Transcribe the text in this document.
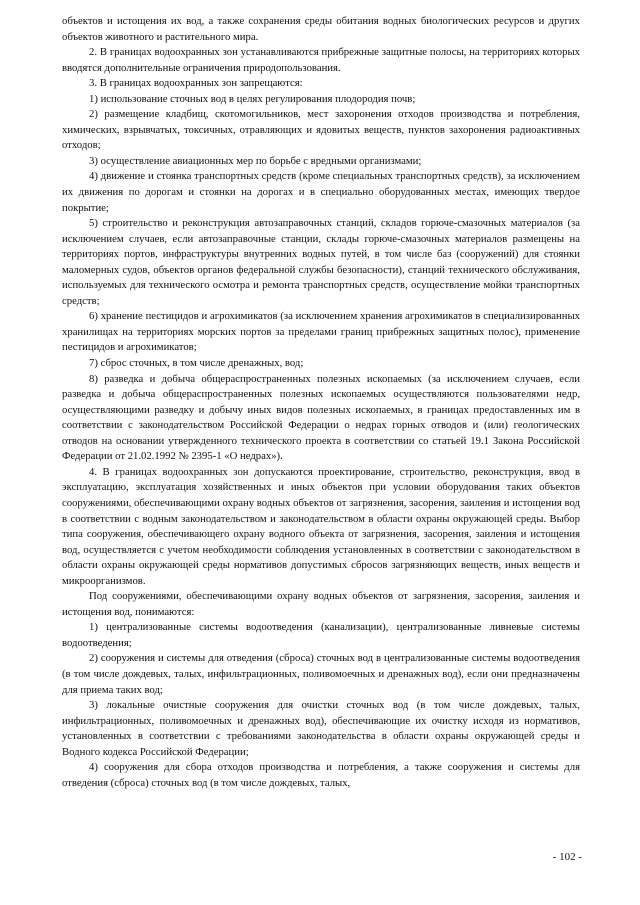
объектов и истощения их вод, а также сохранения среды обитания водных биологических ресурсов и других объектов животного и растительного мира.

2. В границах водоохранных зон устанавливаются прибрежные защитные полосы, на территориях которых вводятся дополнительные ограничения природопользования.

3. В границах водоохранных зон запрещаются:

1) использование сточных вод в целях регулирования плодородия почв;

2) размещение кладбищ, скотомогильников, мест захоронения отходов производства и потребления, химических, взрывчатых, токсичных, отравляющих и ядовитых веществ, пунктов захоронения радиоактивных отходов;

3) осуществление авиационных мер по борьбе с вредными организмами;

4) движение и стоянка транспортных средств (кроме специальных транспортных средств), за исключением их движения по дорогам и стоянки на дорогах и в специально оборудованных местах, имеющих твердое покрытие;

5) строительство и реконструкция автозаправочных станций, складов горюче-смазочных материалов (за исключением случаев, если автозаправочные станции, склады горюче-смазочных материалов размещены на территориях портов, инфраструктуры внутренних водных путей, в том числе баз (сооружений) для стоянки маломерных судов, объектов органов федеральной службы безопасности), станций технического обслуживания, используемых для технического осмотра и ремонта транспортных средств, осуществление мойки транспортных средств;

6) хранение пестицидов и агрохимикатов (за исключением хранения агрохимикатов в специализированных хранилищах на территориях морских портов за пределами границ прибрежных защитных полос), применение пестицидов и агрохимикатов;

7) сброс сточных, в том числе дренажных, вод;

8) разведка и добыча общераспространенных полезных ископаемых (за исключением случаев, если разведка и добыча общераспространенных полезных ископаемых осуществляются пользователями недр, осуществляющими разведку и добычу иных видов полезных ископаемых, в границах предоставленных им в соответствии с законодательством Российской Федерации о недрах горных отводов и (или) геологических отводов на основании утвержденного технического проекта в соответствии со статьей 19.1 Закона Российской Федерации от 21.02.1992 № 2395-1 «О недрах»).

4. В границах водоохранных зон допускаются проектирование, строительство, реконструкция, ввод в эксплуатацию, эксплуатация хозяйственных и иных объектов при условии оборудования таких объектов сооружениями, обеспечивающими охрану водных объектов от загрязнения, засорения, заиления и истощения вод в соответствии с водным законодательством и законодательством в области охраны окружающей среды. Выбор типа сооружения, обеспечивающего охрану водного объекта от загрязнения, засорения, заиления и истощения вод, осуществляется с учетом необходимости соблюдения установленных в соответствии с законодательством в области охраны окружающей среды нормативов допустимых сбросов загрязняющих веществ, иных веществ и микроорганизмов.

Под сооружениями, обеспечивающими охрану водных объектов от загрязнения, засорения, заиления и истощения вод, понимаются:

1) централизованные системы водоотведения (канализации), централизованные ливневые системы водоотведения;

2) сооружения и системы для отведения (сброса) сточных вод в централизованные системы водоотведения (в том числе дождевых, талых, инфильтрационных, поливомоечных и дренажных вод), если они предназначены для приема таких вод;

3) локальные очистные сооружения для очистки сточных вод (в том числе дождевых, талых, инфильтрационных, поливомоечных и дренажных вод), обеспечивающие их очистку исходя из нормативов, установленных в соответствии с требованиями законодательства в области охраны окружающей среды и Водного кодекса Российской Федерации;

4) сооружения для сбора отходов производства и потребления, а также сооружения и системы для отведения (сброса) сточных вод (в том числе дождевых, талых,

- 102 -
